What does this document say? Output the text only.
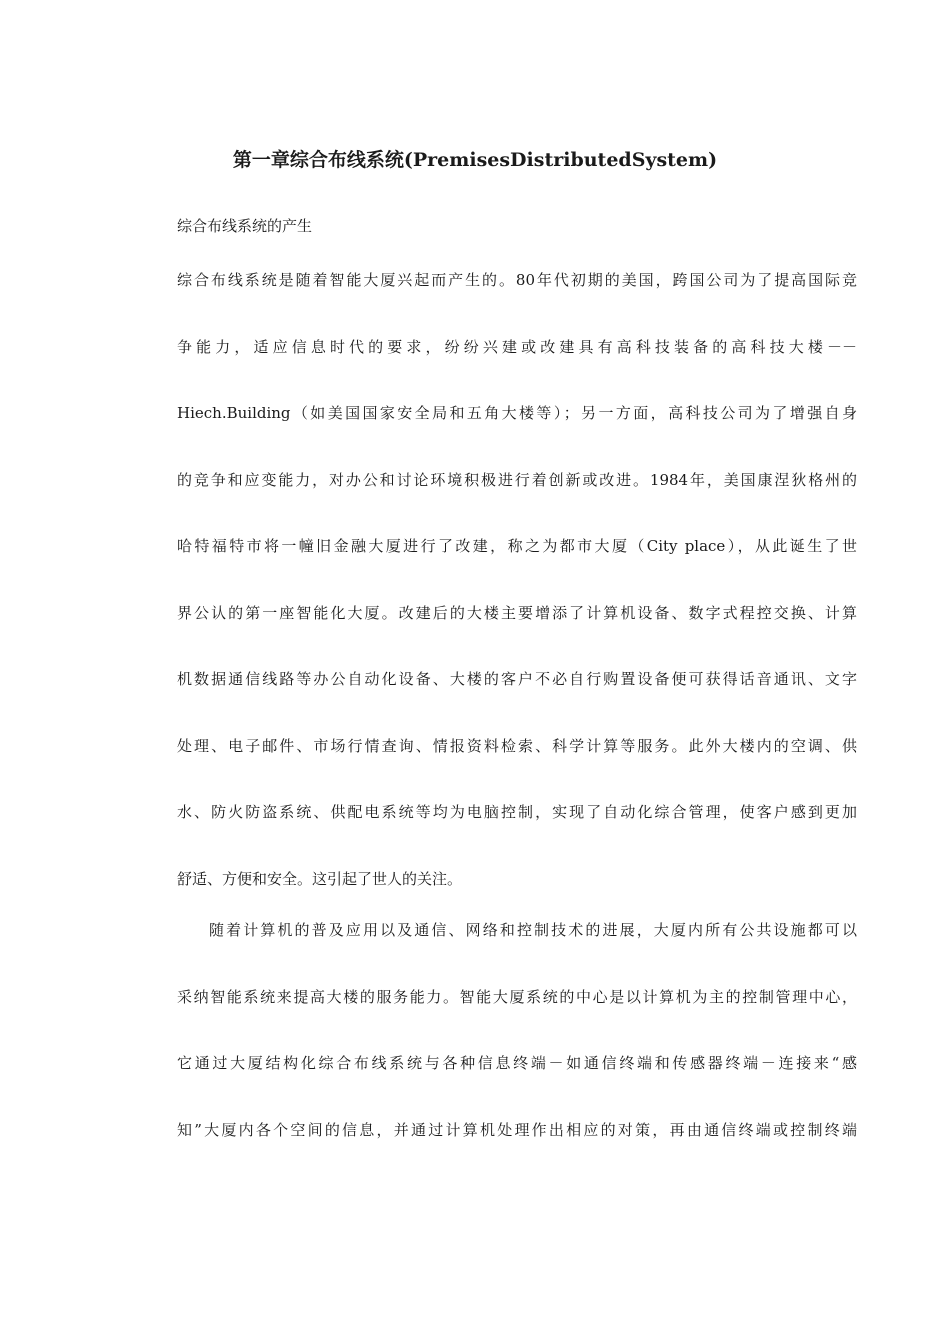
第一章综合布线系统(PremisesDistributedSystem)
综合布线系统的产生
综合布线系统是随着智能大厦兴起而产生的。80年代初期的美国，跨国公司为了提高国际竞
争能力，适应信息时代的要求，纷纷兴建或改建具有高科技装备的高科技大楼－－
Hiech.Building（如美国国家安全局和五角大楼等）；另一方面，高科技公司为了增强自身
的竞争和应变能力，对办公和讨论环境积极进行着创新或改进。1984年，美国康涅狄格州的
哈特福特市将一幢旧金融大厦进行了改建，称之为都市大厦（City place），从此诞生了世
界公认的第一座智能化大厦。改建后的大楼主要增添了计算机设备、数字式程控交换、计算
机数据通信线路等办公自动化设备、大楼的客户不必自行购置设备便可获得话音通讯、文字
处理、电子邮件、市场行情查询、情报资料检索、科学计算等服务。此外大楼内的空调、供
水、防火防盗系统、供配电系统等均为电脑控制，实现了自动化综合管理，使客户感到更加
舒适、方便和安全。这引起了世人的关注。
随着计算机的普及应用以及通信、网络和控制技术的进展，大厦内所有公共设施都可以
采纳智能系统来提高大楼的服务能力。智能大厦系统的中心是以计算机为主的控制管理中心，
它通过大厦结构化综合布线系统与各种信息终端－如通信终端和传感器终端－连接来“感
知”大厦内各个空间的信息，并通过计算机处理作出相应的对策，再由通信终端或控制终端
